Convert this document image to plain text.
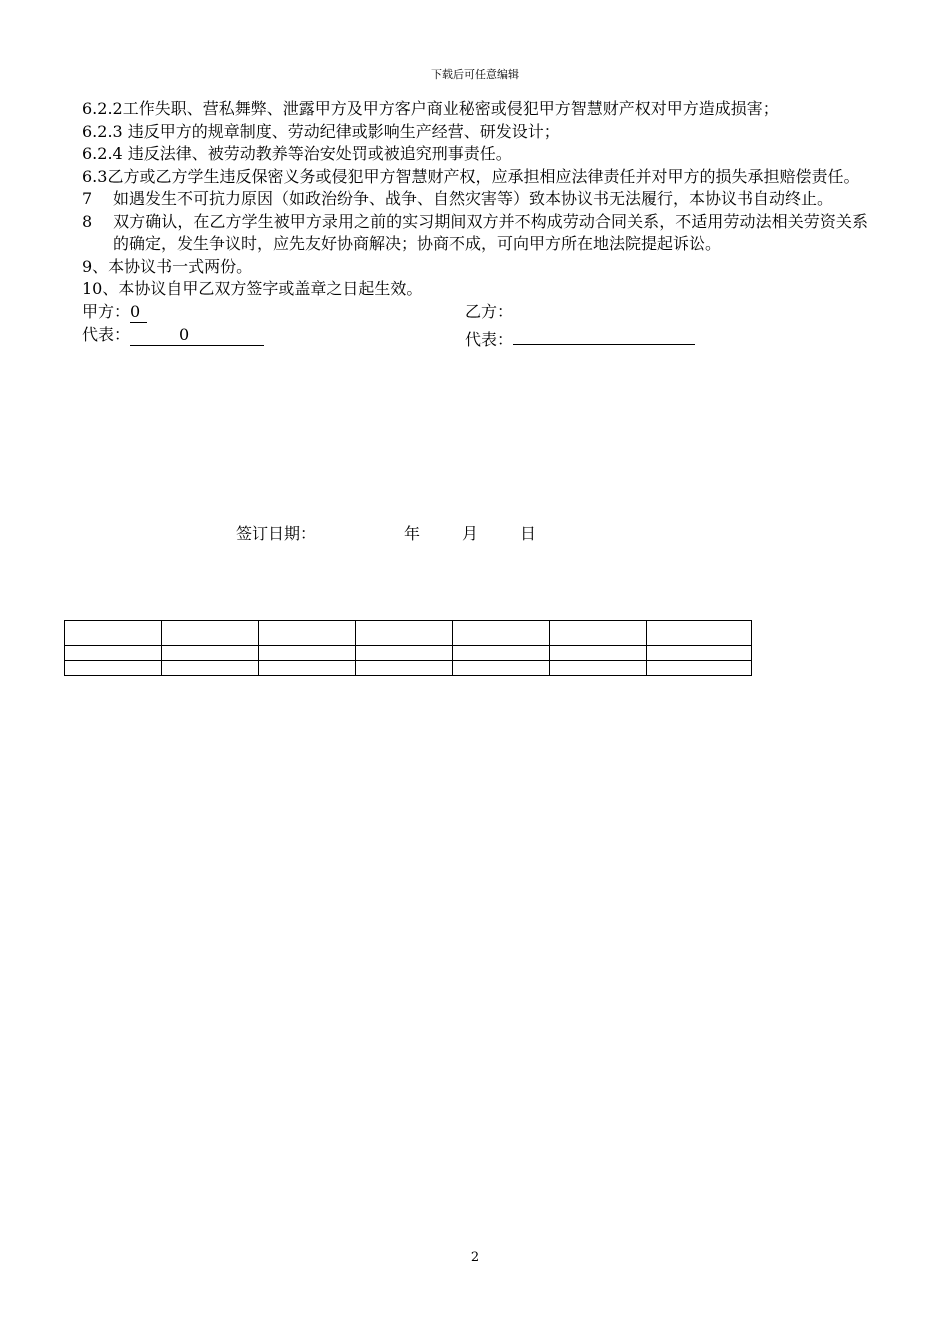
下载后可任意编辑

6.2.2工作失职、营私舞弊、泄露甲方及甲方客户商业秘密或侵犯甲方智慧财产权对甲方造成损害；

6.2.3 违反甲方的规章制度、劳动纪律或影响生产经营、研发设计；

6.2.4 违反法律、被劳动教养等治安处罚或被追究刑事责任。

6.3乙方或乙方学生违反保密义务或侵犯甲方智慧财产权，应承担相应法律责任并对甲方的损失承担赔偿责任。

7 如遇发生不可抗力原因（如政治纷争、战争、自然灾害等）致本协议书无法履行，本协议书自动终止。

8 双方确认，在乙方学生被甲方录用之前的实习期间双方并不构成劳动合同关系，不适用劳动法相关劳资关系的确定，发生争议时，应先友好协商解决；协商不成，可向甲方所在地法院提起诉讼。

9、本协议书一式两份。

10、本协议自甲乙双方签字或盖章之日起生效。

甲方：0	乙方：
代表：	0	代表：
签订日期：	年	月	日

2
